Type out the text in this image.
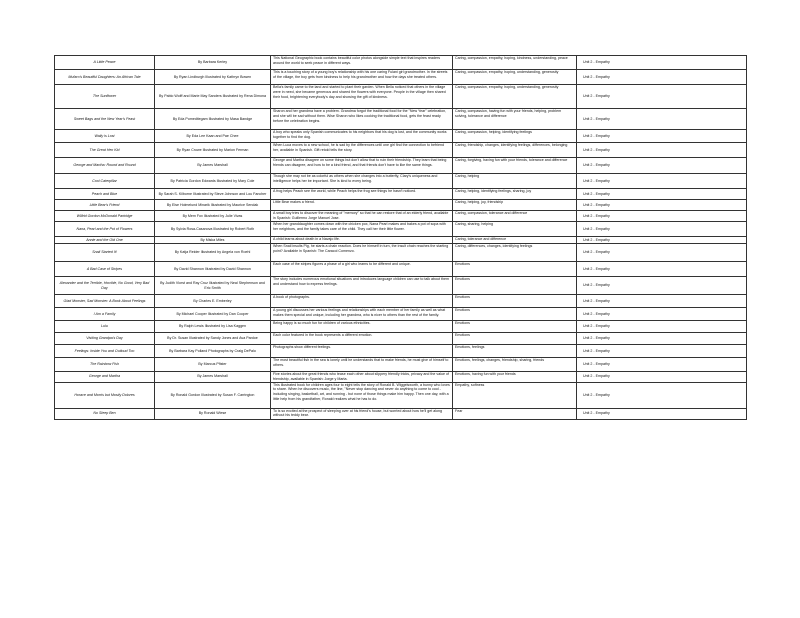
A Little Peace	By Barbara Kerley	This National Geographic book contains beautiful color photos alongside simple text that inspires readers around the world to seek peace in different ways.	Caring, compassion, empathy, hoping, kindness, understanding, peace	Unit 2 - Empathy
Mufaro's Beautiful Daughters: An African Tale	By Ryan Lindburgh Illustrated by Kathryn Bowen	This is a touching story of a young boy's relationship with his one caring Fulani girl grandmother. In the streets of the village, the boy gets from kindness to help his grandmother and how the days she treated others.	Caring, compassion, empathy, hoping, understanding, generosity	Unit 2 - Empathy
The Sunflower	By Pablo Wolff and Marie May Sanders Illustrated by Rena Dimona	Bella's family came to the land and started to plant their garden. When Bella noticed that others in the village were in need, she became generous and shared the flowers with everyone. People in the village then shared their food, brightening everybody's day and showing the gift of kindness.	Caring, compassion, empathy, hoping, understanding, generosity	Unit 2 - Empathy
Sweet Bags and the New Year's Feast	By Eda Pomeditegam Illustrated by Masa Bandge	Sharon and her grandma have a problem. Grandma forgot the traditional food for the "New Year" celebration, and she will be sad without them. Wise Sharon who likes cooking the traditional food, gets the feast ready before the celebration begins.	Caring, compassion, having fun with your friends, helping, problem solving, tolerance and difference	Unit 2 - Empathy
Wally is Lost	By Eda Lee Kaan and Pae Chee	A boy who speaks only Spanish communicates to his neighbors that his dog is lost, and the community works together to find the dog.	Caring, compassion, helping, identifying feelings	Unit 2 - Empathy
The Great Hen Kid	By Ryan Crowe Illustrated by Marion Ferman	When Luca moves to a new school, he is sad by the differences until one girl find the connection to befriend her, available in Spanish. Gift retold tells the story.	Caring, friendship, changes, identifying feelings, differences, belonging	Unit 2 - Empathy
George and Martha: Round and Round	By James Marshall	George and Martha disagree on some things but don't allow that to ruin their friendship. They learn that being friends can disagree, and how to be a kind friend, and that friends don't have to like the same things.	Caring, forgiving, having fun with your friends, tolerance and difference	Unit 2 - Empathy
Cool Caterpillar	By Patricia Gordon Edwards Illustrated by Mary Cole	Though she may not be as colorful as others when she changes into a butterfly, Clary's uniqueness and intelligence helps her be important. She is kind to every being.	Caring, helping	Unit 2 - Empathy
Peach and Blue	By Sarah S. Kilborne Illustrated by Steve Johnson and Lou Fancher	A frog helps Peach see the world, while Peach helps the frog see things he hasn't noticed.	Caring, helping, identifying feelings, sharing, joy	Unit 2 - Empathy
Little Bear's Friend	By Else Holmelund Minarik Illustrated by Maurice Sendak	Little Bear makes a friend.	Caring, helping, joy, friendship	Unit 2 - Empathy
Wilfrid Gordon McDonald Partridge	By Mem Fox Illustrated by Julie Vivas	A small boy tries to discover the meaning of "memory" so that he can restore that of an elderly friend, available in Spanish: Guillermo Jorge Manuel Jose.	Caring, compassion, tolerance and difference	Unit 2 - Empathy
Nana, Pearl and the Pot of Flowers	By Sylvia Rosa-Casanova Illustrated by Robert Roth	When her granddaughter comes down with the chicken pox, Nana Pearl makes and bakes a pot of sopa with her neighbors, and the family takes care of the child. They call her their little flower.	Caring, sharing, helping	Unit 2 - Empathy
Annie and the Old One	By Miska Miles	A child learns about death in a Navajo life.	Caring, tolerance and difference	Unit 2 - Empathy
Snail Started It!	By Katja Reider Illustrated by Angela von Roehl	When Snail insults Pig, he starts a chain reaction. Does he himself in turn, the insult chain reaches the starting point? Available in Spanish: The Caracol Comenzo.	Caring, differences, changes, identifying feelings	Unit 2 - Empathy
A Bad Case of Stripes	By David Shannon Illustrated by David Shannon	Each case of the stripes figures a phase of a girl who learns to be different and unique.	Emotions	Unit 2 - Empathy
Alexander and the Terrible, Horrible, No Good, Very Bad Day	By Judith Viorst and Ray Cruz Illustrated by Neal Stephenson and Eric Smith	The story includes numerous emotional situations and introduces language children can use to talk about them and understand how to express feelings.	Emotions	Unit 2 - Empathy
Glad Monster, Sad Monster: A Book About Feelings	By Charles E. Emberley	A book of photographs.	Emotions	Unit 2 - Empathy
I Am a Family	By Michael Cooper Illustrated by Dan Cooper	A young girl discusses her various feelings and relationships with each member of her family as well as what makes them special and unique, including her grandma, who is nicer to others than the rest of the family.	Emotions	Unit 2 - Empathy
Lulu	By Ralph Lewis Illustrated by Lisa Kaggen	Being happy is so much fun for children of various ethnicities.	Emotions	Unit 2 - Empathy
Visiting Grandpa's Day	By Dr. Susan Illustrated by Sandy Jones and Ava Pardoe	Each color featured in the book represents a different emotion.	Emotions	Unit 2 - Empathy
Feelings: Inside You and Outloud Too	By Barbara Kay Polland Photographs by Craig DePalo	Photographs show different feelings.	Emotions, feelings	Unit 2 - Empathy
The Rainbow Fish	By Marcus Pfister	The most beautiful fish in the sea is lonely until he understands that to make friends, he must give of himself to others.	Emotions, feelings, changes, friendship, sharing, friends	Unit 2 - Empathy
George and Martha	By James Marshall	Five stories about the great friends who tease each other about slippery friendly tricks, privacy and the value of friendship, available in Spanish: Jorge y Marta.	Emotions, having fun with your friends	Unit 2 - Empathy
Horace and Morris but Mostly Dolores	By Ronald Gordon Illustrated by Susan F. Carrington	This illustrated book for children ages four to eight tells the story of Ronald B. Wiggelsworth, a bunny who loves to share. When he discovers music, the line, "Never stop dancing and never do anything to come to cool - including singing, basketball, art, and running - but none of those things make him happy. Then one day, with a little help from his grandfather, Ronald realizes what he has to do.	Empathy, softness	Unit 2 - Empathy
No Sleep Ben	By Ronald Wiese	To is so excited at the prospect of sleeping over at his friend's house, but worried about how he'll get along without his teddy bear.	Fear	Unit 2 - Empathy
